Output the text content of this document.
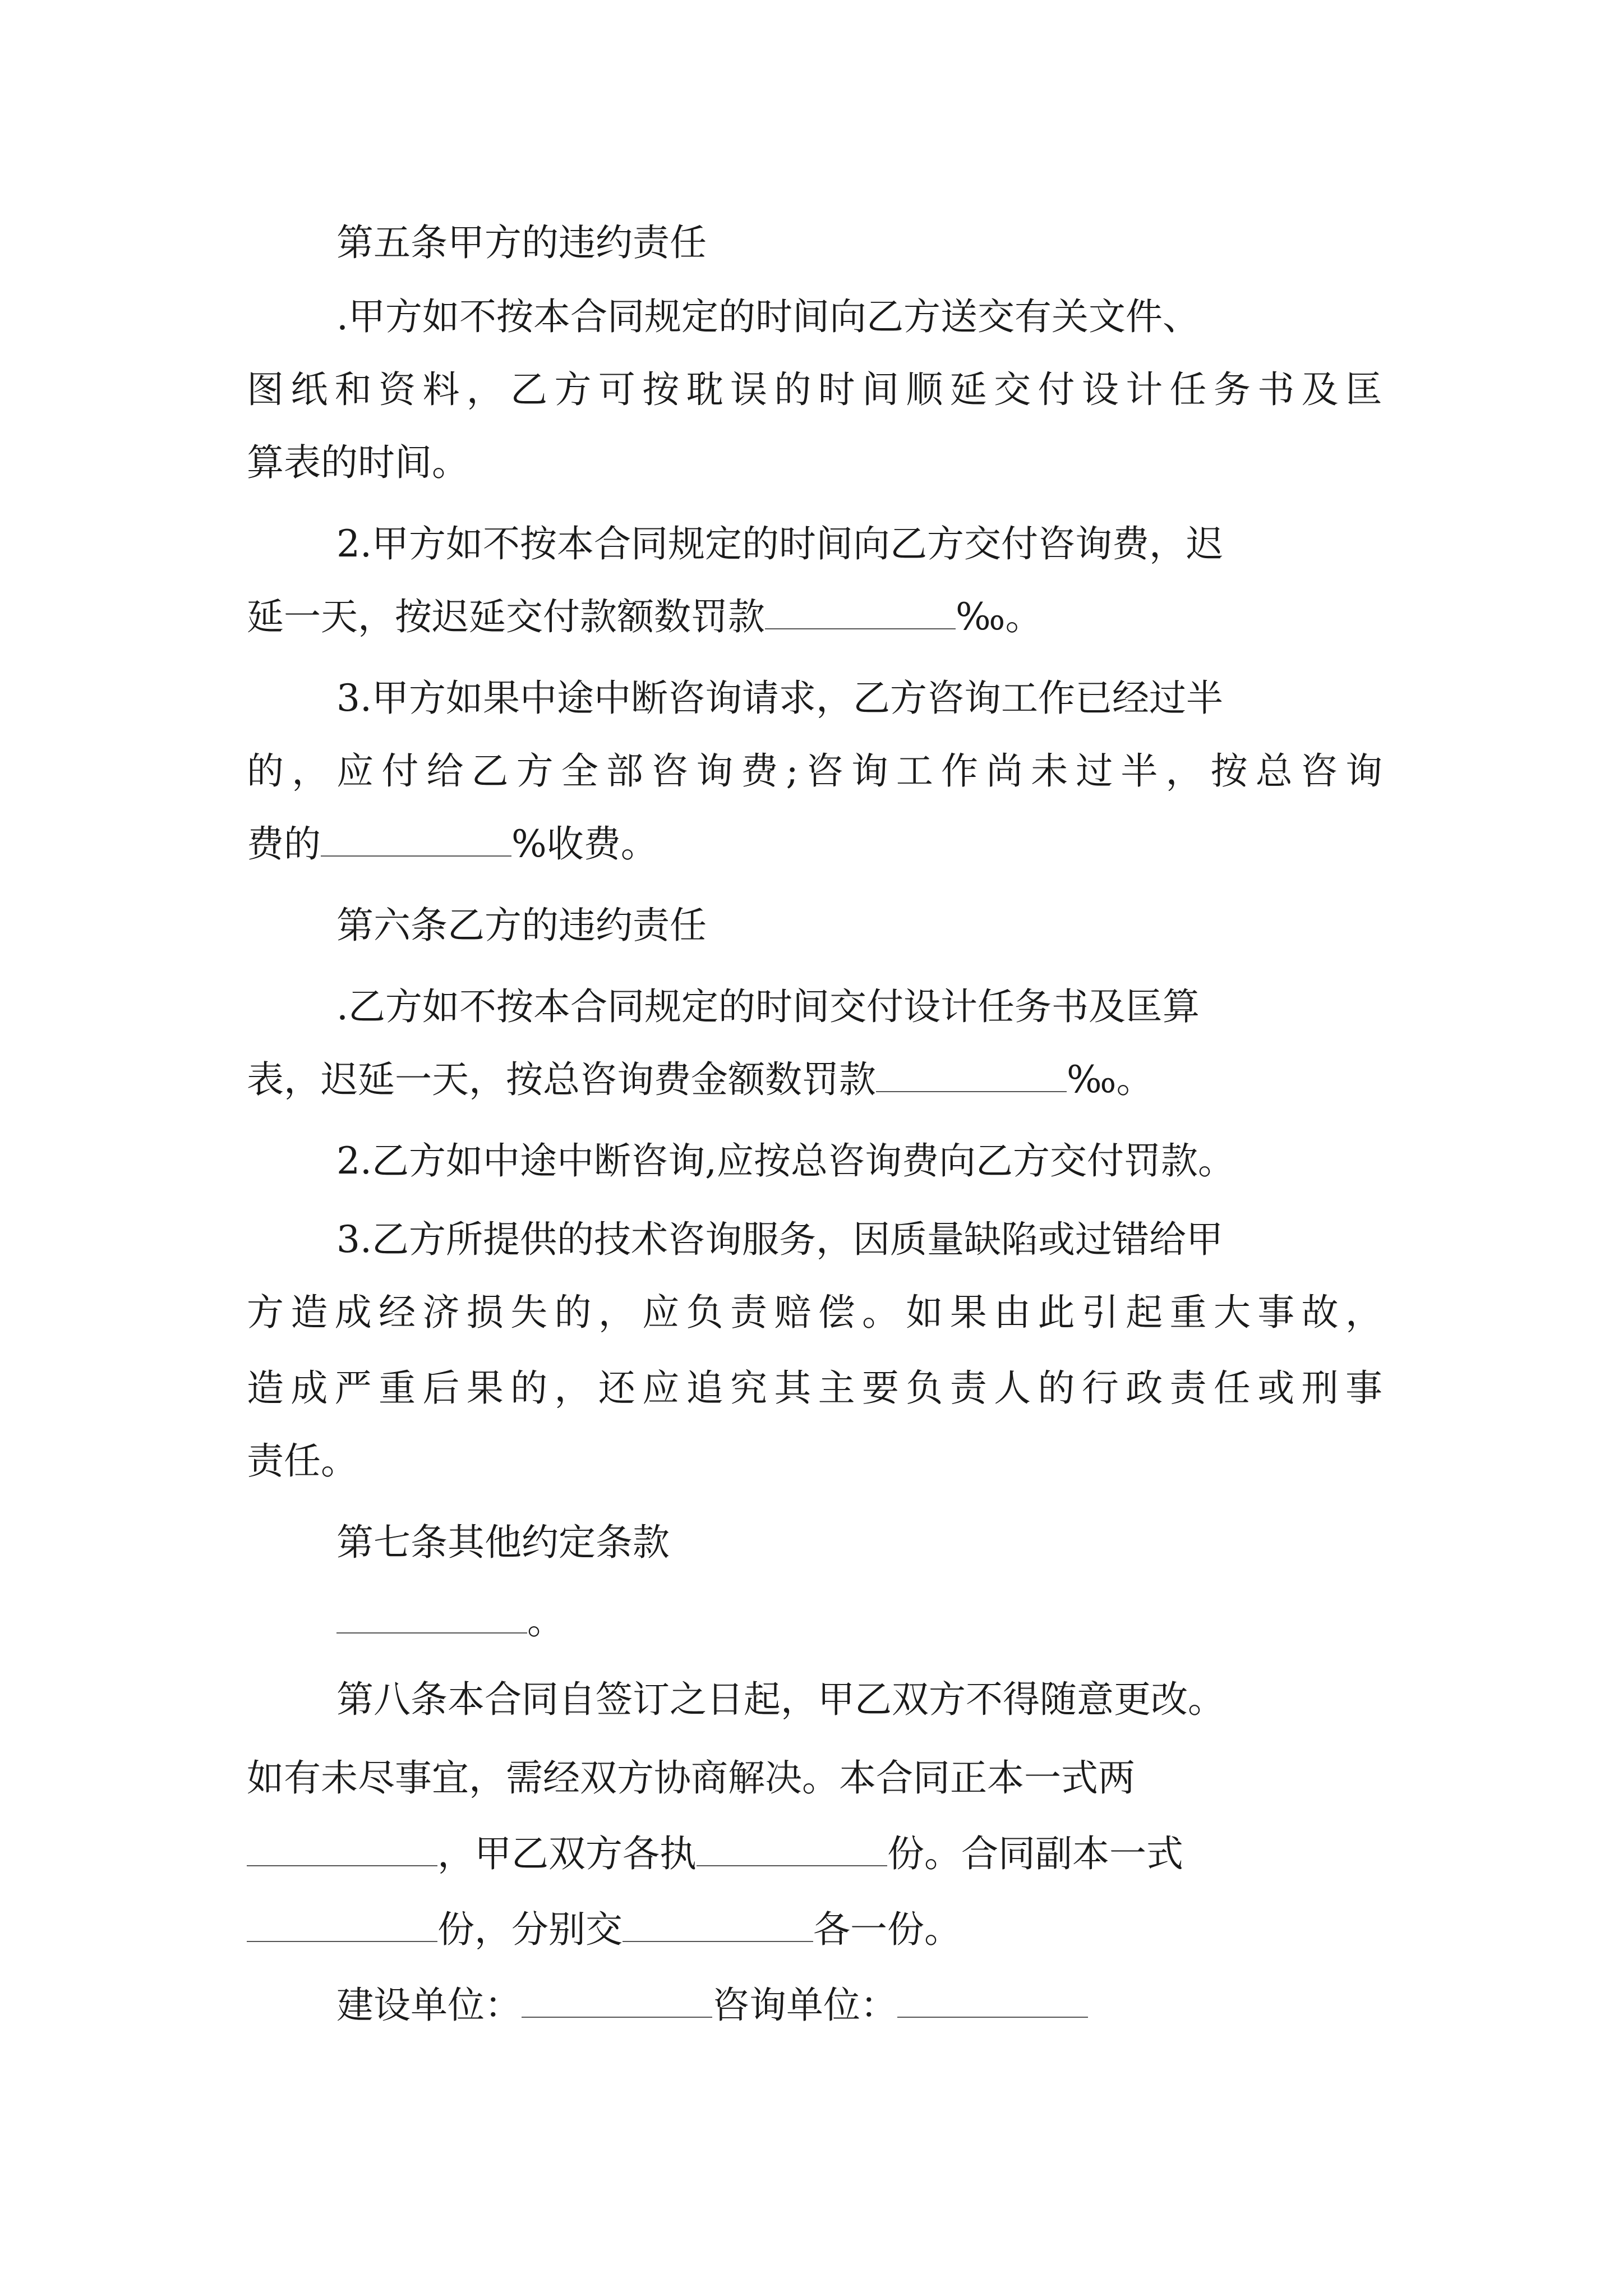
第五条甲方的违约责任
.甲方如不按本合同规定的时间向乙方送交有关文件、
图纸和资料，乙方可按耽误的时间顺延交付设计任务书及匡
算表的时间。
2.甲方如不按本合同规定的时间向乙方交付咨询费，迟
延一天，按迟延交付款额数罚款	‰。
3.甲方如果中途中断咨询请求，乙方咨询工作已经过半
的，应付给乙方全部咨询费;咨询工作尚未过半，按总咨询
费的	%收费。
第六条乙方的违约责任
.乙方如不按本合同规定的时间交付设计任务书及匡算
表，迟延一天，按总咨询费金额数罚款	‰。
2.乙方如中途中断咨询,应按总咨询费向乙方交付罚款。
3.乙方所提供的技术咨询服务，因质量缺陷或过错给甲
方造成经济损失的，应负责赔偿。如果由此引起重大事故，
造成严重后果的，还应追究其主要负责人的行政责任或刑事
责任。
第七条其他约定条款
。
第八条本合同自签订之日起，甲乙双方不得随意更改。
如有未尽事宜，需经双方协商解决。本合同正本一式两
，甲乙双方各执	份。合同副本一式
份，分别交	各一份。
建设单位：	咨询单位：
